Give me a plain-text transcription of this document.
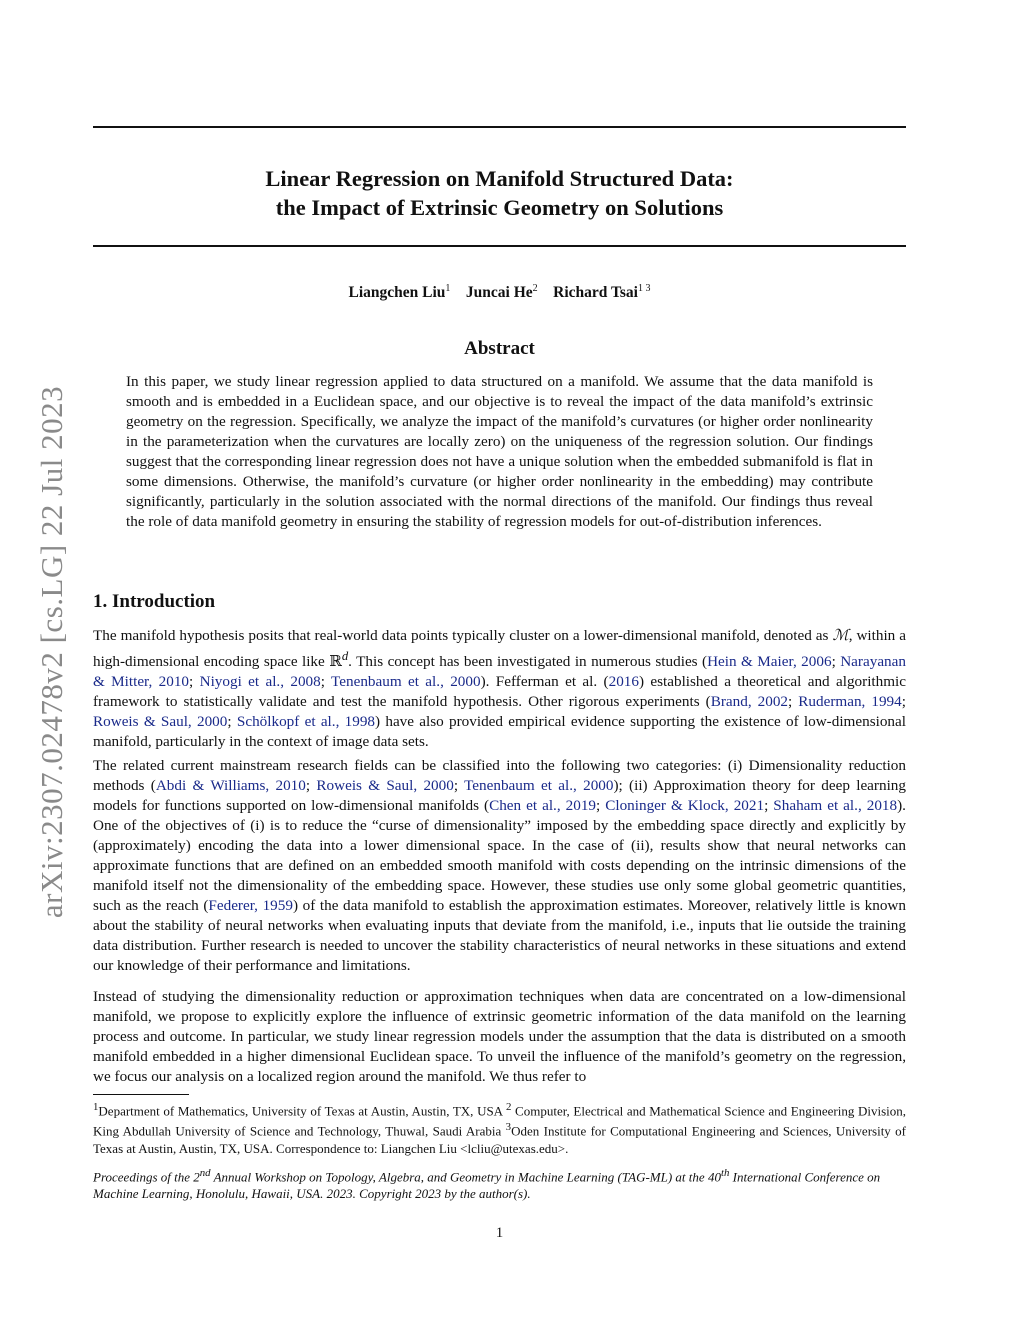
arXiv:2307.02478v2 [cs.LG] 22 Jul 2023
Linear Regression on Manifold Structured Data:
the Impact of Extrinsic Geometry on Solutions
Liangchen Liu$^1$ Juncai He$^2$ Richard Tsai$^{1 3}$
Abstract
In this paper, we study linear regression applied to data structured on a manifold. We assume that the data manifold is smooth and is embedded in a Euclidean space, and our objective is to reveal the impact of the data manifold’s extrinsic geometry on the regression. Specifically, we analyze the impact of the manifold’s curvatures (or higher order nonlinearity in the parameterization when the curvatures are locally zero) on the uniqueness of the regression solution. Our findings suggest that the corresponding linear regression does not have a unique solution when the embedded submanifold is flat in some dimensions. Otherwise, the manifold’s curvature (or higher order nonlinearity in the embedding) may contribute significantly, particularly in the solution associated with the normal directions of the manifold. Our findings thus reveal the role of data manifold geometry in ensuring the stability of regression models for out-of-distribution inferences.
1. Introduction
The manifold hypothesis posits that real-world data points typically cluster on a lower-dimensional manifold, denoted as ℳ, within a high-dimensional encoding space like ℝ$^d$. This concept has been investigated in numerous studies (Hein & Maier, 2006; Narayanan & Mitter, 2010; Niyogi et al., 2008; Tenenbaum et al., 2000). Fefferman et al. (2016) established a theoretical and algorithmic framework to statistically validate and test the manifold hypothesis. Other rigorous experiments (Brand, 2002; Ruderman, 1994; Roweis & Saul, 2000; Schölkopf et al., 1998) have also provided empirical evidence supporting the existence of low-dimensional manifold, particularly in the context of image data sets.
The related current mainstream research fields can be classified into the following two categories: (i) Dimensionality reduction methods (Abdi & Williams, 2010; Roweis & Saul, 2000; Tenenbaum et al., 2000); (ii) Approximation theory for deep learning models for functions supported on low-dimensional manifolds (Chen et al., 2019; Cloninger & Klock, 2021; Shaham et al., 2018). One of the objectives of (i) is to reduce the “curse of dimensionality” imposed by the embedding space directly and explicitly by (approximately) encoding the data into a lower dimensional space. In the case of (ii), results show that neural networks can approximate functions that are defined on an embedded smooth manifold with costs depending on the intrinsic dimensions of the manifold itself not the dimensionality of the embedding space. However, these studies use only some global geometric quantities, such as the reach (Federer, 1959) of the data manifold to establish the approximation estimates. Moreover, relatively little is known about the stability of neural networks when evaluating inputs that deviate from the manifold, i.e., inputs that lie outside the training data distribution. Further research is needed to uncover the stability characteristics of neural networks in these situations and extend our knowledge of their performance and limitations.
Instead of studying the dimensionality reduction or approximation techniques when data are concentrated on a low-dimensional manifold, we propose to explicitly explore the influence of extrinsic geometric information of the data manifold on the learning process and outcome. In particular, we study linear regression models under the assumption that the data is distributed on a smooth manifold embedded in a higher dimensional Euclidean space. To unveil the influence of the manifold’s geometry on the regression, we focus our analysis on a localized region around the manifold. We thus refer to
$^1$Department of Mathematics, University of Texas at Austin, Austin, TX, USA $^2$ Computer, Electrical and Mathematical Science and Engineering Division, King Abdullah University of Science and Technology, Thuwal, Saudi Arabia $^3$Oden Institute for Computational Engineering and Sciences, University of Texas at Austin, Austin, TX, USA. Correspondence to: Liangchen Liu <lcliu@utexas.edu>.
Proceedings of the 2nd Annual Workshop on Topology, Algebra, and Geometry in Machine Learning (TAG-ML) at the 40th International Conference on Machine Learning, Honolulu, Hawaii, USA. 2023. Copyright 2023 by the author(s).
1
